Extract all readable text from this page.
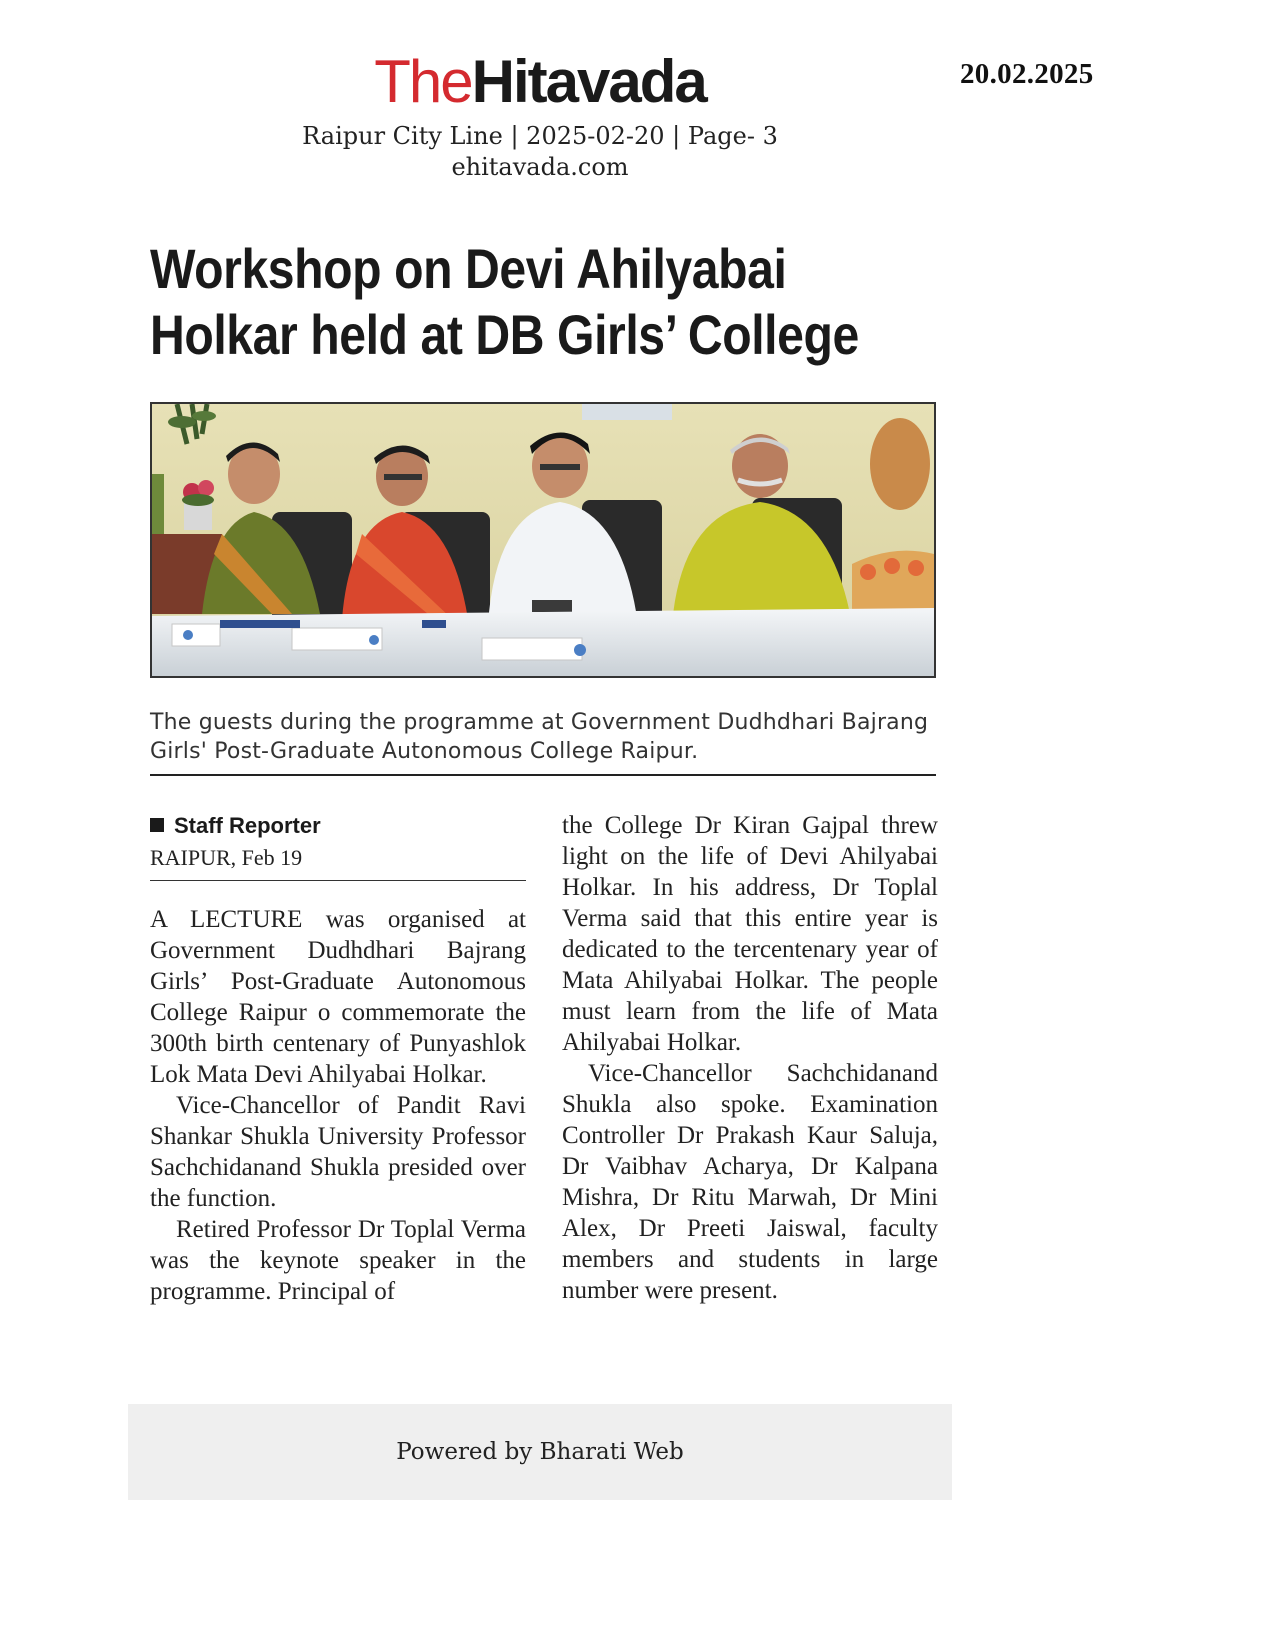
20.02.2025
TheHitavada
Raipur City Line | 2025-02-20 | Page- 3
ehitavada.com
Workshop on Devi Ahilyabai
Holkar held at DB Girls’ College
The guests during the programme at Government Dudhdhari Bajrang Girls' Post-Graduate Autonomous College Raipur.
Staff Reporter
RAIPUR, Feb 19

A LECTURE was organised at Government Dudhdhari Bajrang Girls’ Post-Graduate Autonomous College Raipur o commemorate the 300th birth centenary of Punyashlok Lok Mata Devi Ahilyabai Holkar.

Vice-Chancellor of Pandit Ravi Shankar Shukla University Professor Sachchidanand Shukla presided over the function.

Retired Professor Dr Toplal Verma was the keynote speaker in the programme. Principal of

the College Dr Kiran Gajpal threw light on the life of Devi Ahilyabai Holkar. In his address, Dr Toplal Verma said that this entire year is dedicated to the tercentenary year of Mata Ahilyabai Holkar. The people must learn from the life of Mata Ahilyabai Holkar.

Vice-Chancellor Sachchidanand Shukla also spoke. Examination Controller Dr Prakash Kaur Saluja, Dr Vaibhav Acharya, Dr Kalpana Mishra, Dr Ritu Marwah, Dr Mini Alex, Dr Preeti Jaiswal, faculty members and students in large number were present.

Powered by Bharati Web
